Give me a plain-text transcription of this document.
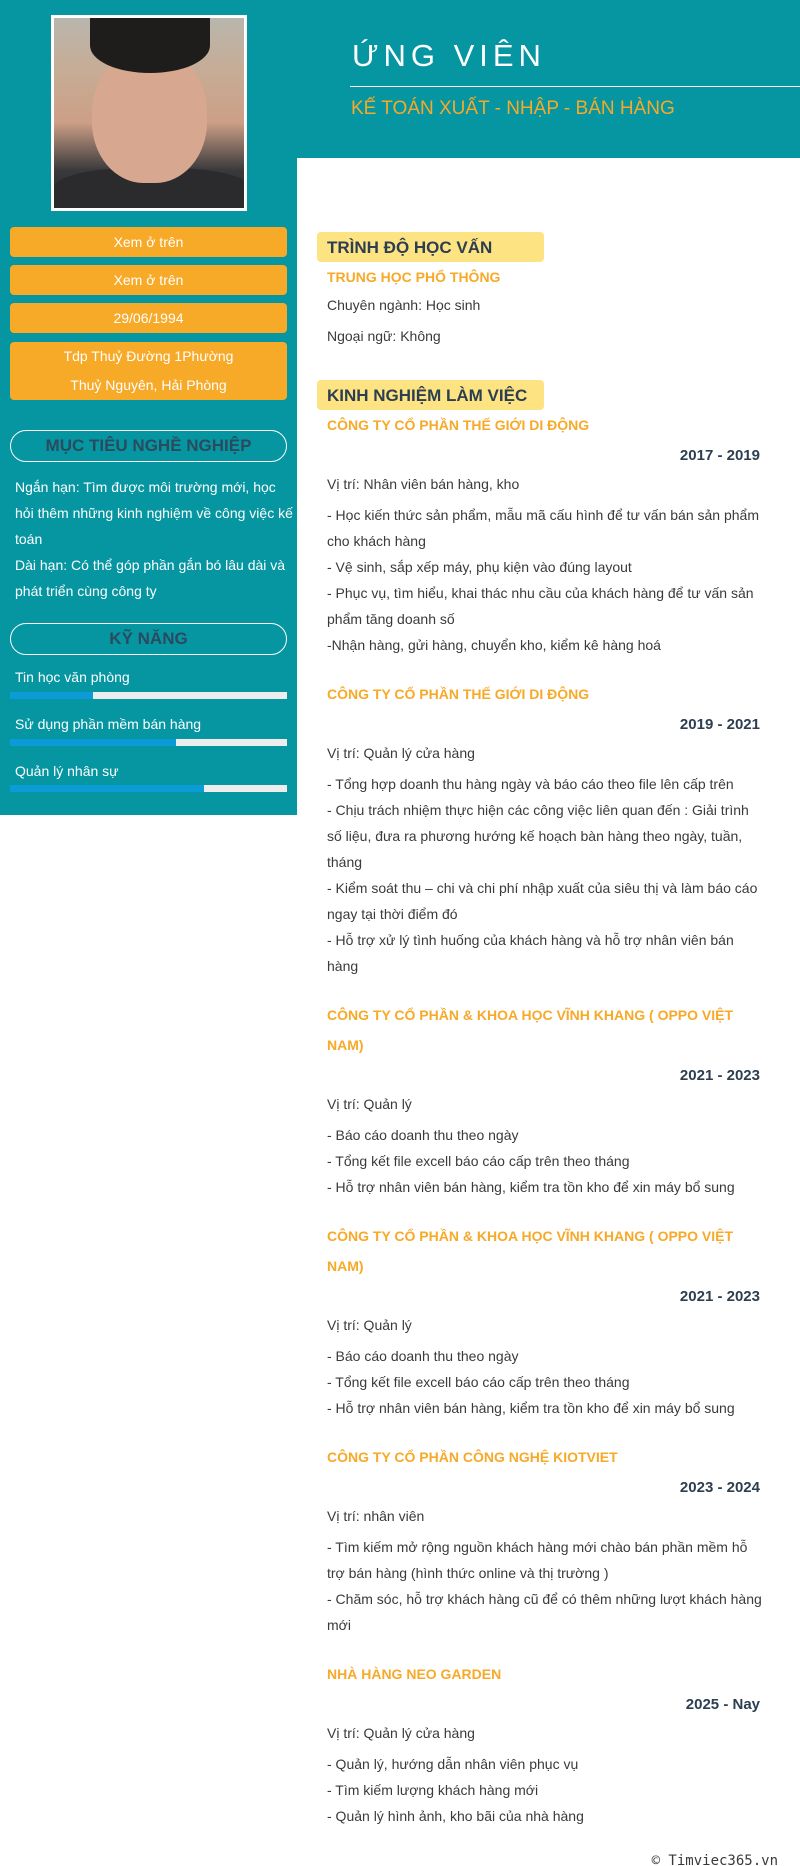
ỨNG VIÊN
KẾ TOÁN XUẤT - NHẬP - BÁN HÀNG
Xem ở trên
Xem ở trên
29/06/1994
Tdp Thuỷ Đường 1Phường Thuỷ Nguyên, Hải Phòng
MỤC TIÊU NGHỀ NGHIỆP
Ngắn hạn: Tìm được môi trường mới, học hỏi thêm những kinh nghiệm về công việc kế toán
Dài hạn: Có thể góp phần gắn bó lâu dài và phát triển cùng công ty
KỸ NĂNG
Tin học văn phòng
Sử dụng phần mềm bán hàng
Quản lý nhân sự
TRÌNH ĐỘ HỌC VẤN
TRUNG HỌC PHỔ THÔNG
Chuyên ngành: Học sinh
Ngoại ngữ: Không
KINH NGHIỆM LÀM VIỆC
CÔNG TY CỔ PHẦN THẾ GIỚI DI ĐỘNG
2017 - 2019
Vị trí: Nhân viên bán hàng, kho

- Học kiến thức sản phẩm, mẫu mã cấu hình để tư vấn bán sản phẩm cho khách hàng

- Vệ sinh, sắp xếp máy, phụ kiện vào đúng layout

- Phục vụ, tìm hiểu, khai thác nhu cầu của khách hàng để tư vấn sản phẩm tăng doanh số

-Nhận hàng, gửi hàng, chuyển kho, kiểm kê hàng hoá

CÔNG TY CỔ PHẦN THẾ GIỚI DI ĐỘNG
2019 - 2021
Vị trí: Quản lý cửa hàng

- Tổng hợp doanh thu hàng ngày và báo cáo theo file lên cấp trên

- Chịu trách nhiệm thực hiện các công việc liên quan đến : Giải trình số liệu, đưa ra phương hướng kế hoạch bàn hàng theo ngày, tuần, tháng

- Kiểm soát thu – chi và chi phí nhập xuất của siêu thị và làm báo cáo ngay tại thời điểm đó

- Hỗ trợ xử lý tình huống của khách hàng và hỗ trợ nhân viên bán hàng

CÔNG TY CỔ PHẦN & KHOA HỌC VĨNH KHANG ( OPPO VIỆT NAM)
2021 - 2023
Vị trí: Quản lý

- Báo cáo doanh thu theo ngày

- Tổng kết file excell báo cáo cấp trên theo tháng

- Hỗ trợ nhân viên bán hàng, kiểm tra tồn kho để xin máy bổ sung

CÔNG TY CỔ PHẦN & KHOA HỌC VĨNH KHANG ( OPPO VIỆT NAM)
2021 - 2023
Vị trí: Quản lý

- Báo cáo doanh thu theo ngày

- Tổng kết file excell báo cáo cấp trên theo tháng

- Hỗ trợ nhân viên bán hàng, kiểm tra tồn kho để xin máy bổ sung

CÔNG TY CỔ PHẦN CÔNG NGHỆ KIOTVIET
2023 - 2024
Vị trí: nhân viên

- Tìm kiếm mở rộng nguồn khách hàng mới chào bán phần mềm hỗ trợ bán hàng (hình thức online và thị trường )

- Chăm sóc, hỗ trợ khách hàng cũ để có thêm những lượt khách hàng mới

NHÀ HÀNG NEO GARDEN
2025 - Nay
Vị trí: Quản lý cửa hàng

- Quản lý, hướng dẫn nhân viên phục vụ

- Tìm kiếm lượng khách hàng mới

- Quản lý hình ảnh, kho bãi của nhà hàng

© Timviec365.vn
